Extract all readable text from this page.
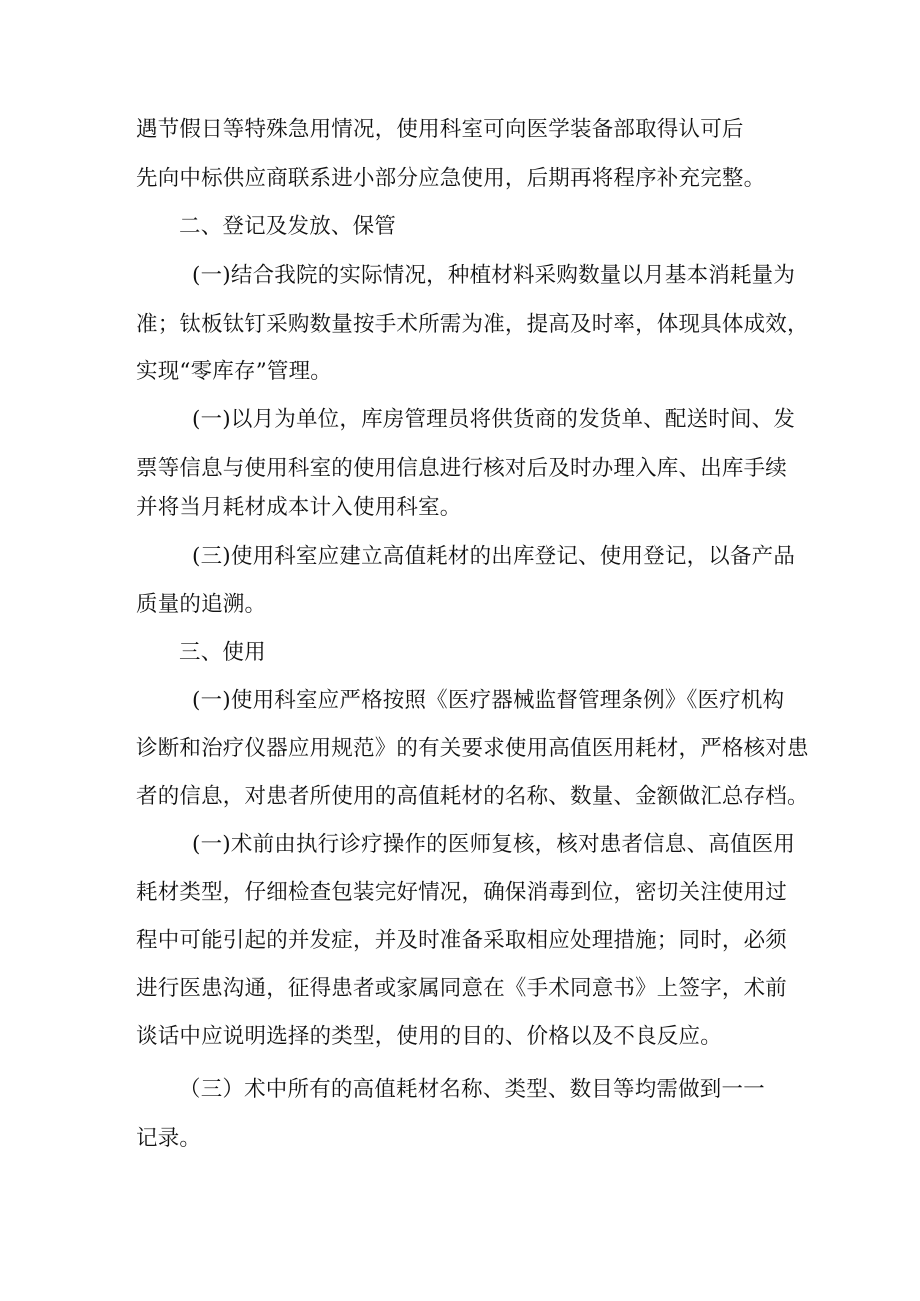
遇节假日等特殊急用情况，使用科室可向医学装备部取得认可后
先向中标供应商联系进小部分应急使用，后期再将程序补充完整。
二、登记及发放、保管
(一)结合我院的实际情况，种植材料采购数量以月基本消耗量为
准；钛板钛钉采购数量按手术所需为准，提高及时率，体现具体成效，
实现“零库存”管理。
(一)以月为单位，库房管理员将供货商的发货单、配送时间、发
票等信息与使用科室的使用信息进行核对后及时办理入库、出库手续
并将当月耗材成本计入使用科室。
(三)使用科室应建立高值耗材的出库登记、使用登记，以备产品
质量的追溯。
三、使用
(一)使用科室应严格按照《医疗器械监督管理条例》《医疗机构
诊断和治疗仪器应用规范》的有关要求使用高值医用耗材，严格核对患
者的信息，对患者所使用的高值耗材的名称、数量、金额做汇总存档。
(一)术前由执行诊疗操作的医师复核，核对患者信息、高值医用
耗材类型，仔细检查包装完好情况，确保消毒到位，密切关注使用过
程中可能引起的并发症，并及时准备采取相应处理措施；同时，必须
进行医患沟通，征得患者或家属同意在《手术同意书》上签字，术前
谈话中应说明选择的类型，使用的目的、价格以及不良反应。
（三）术中所有的高值耗材名称、类型、数目等均需做到一一
记录。
